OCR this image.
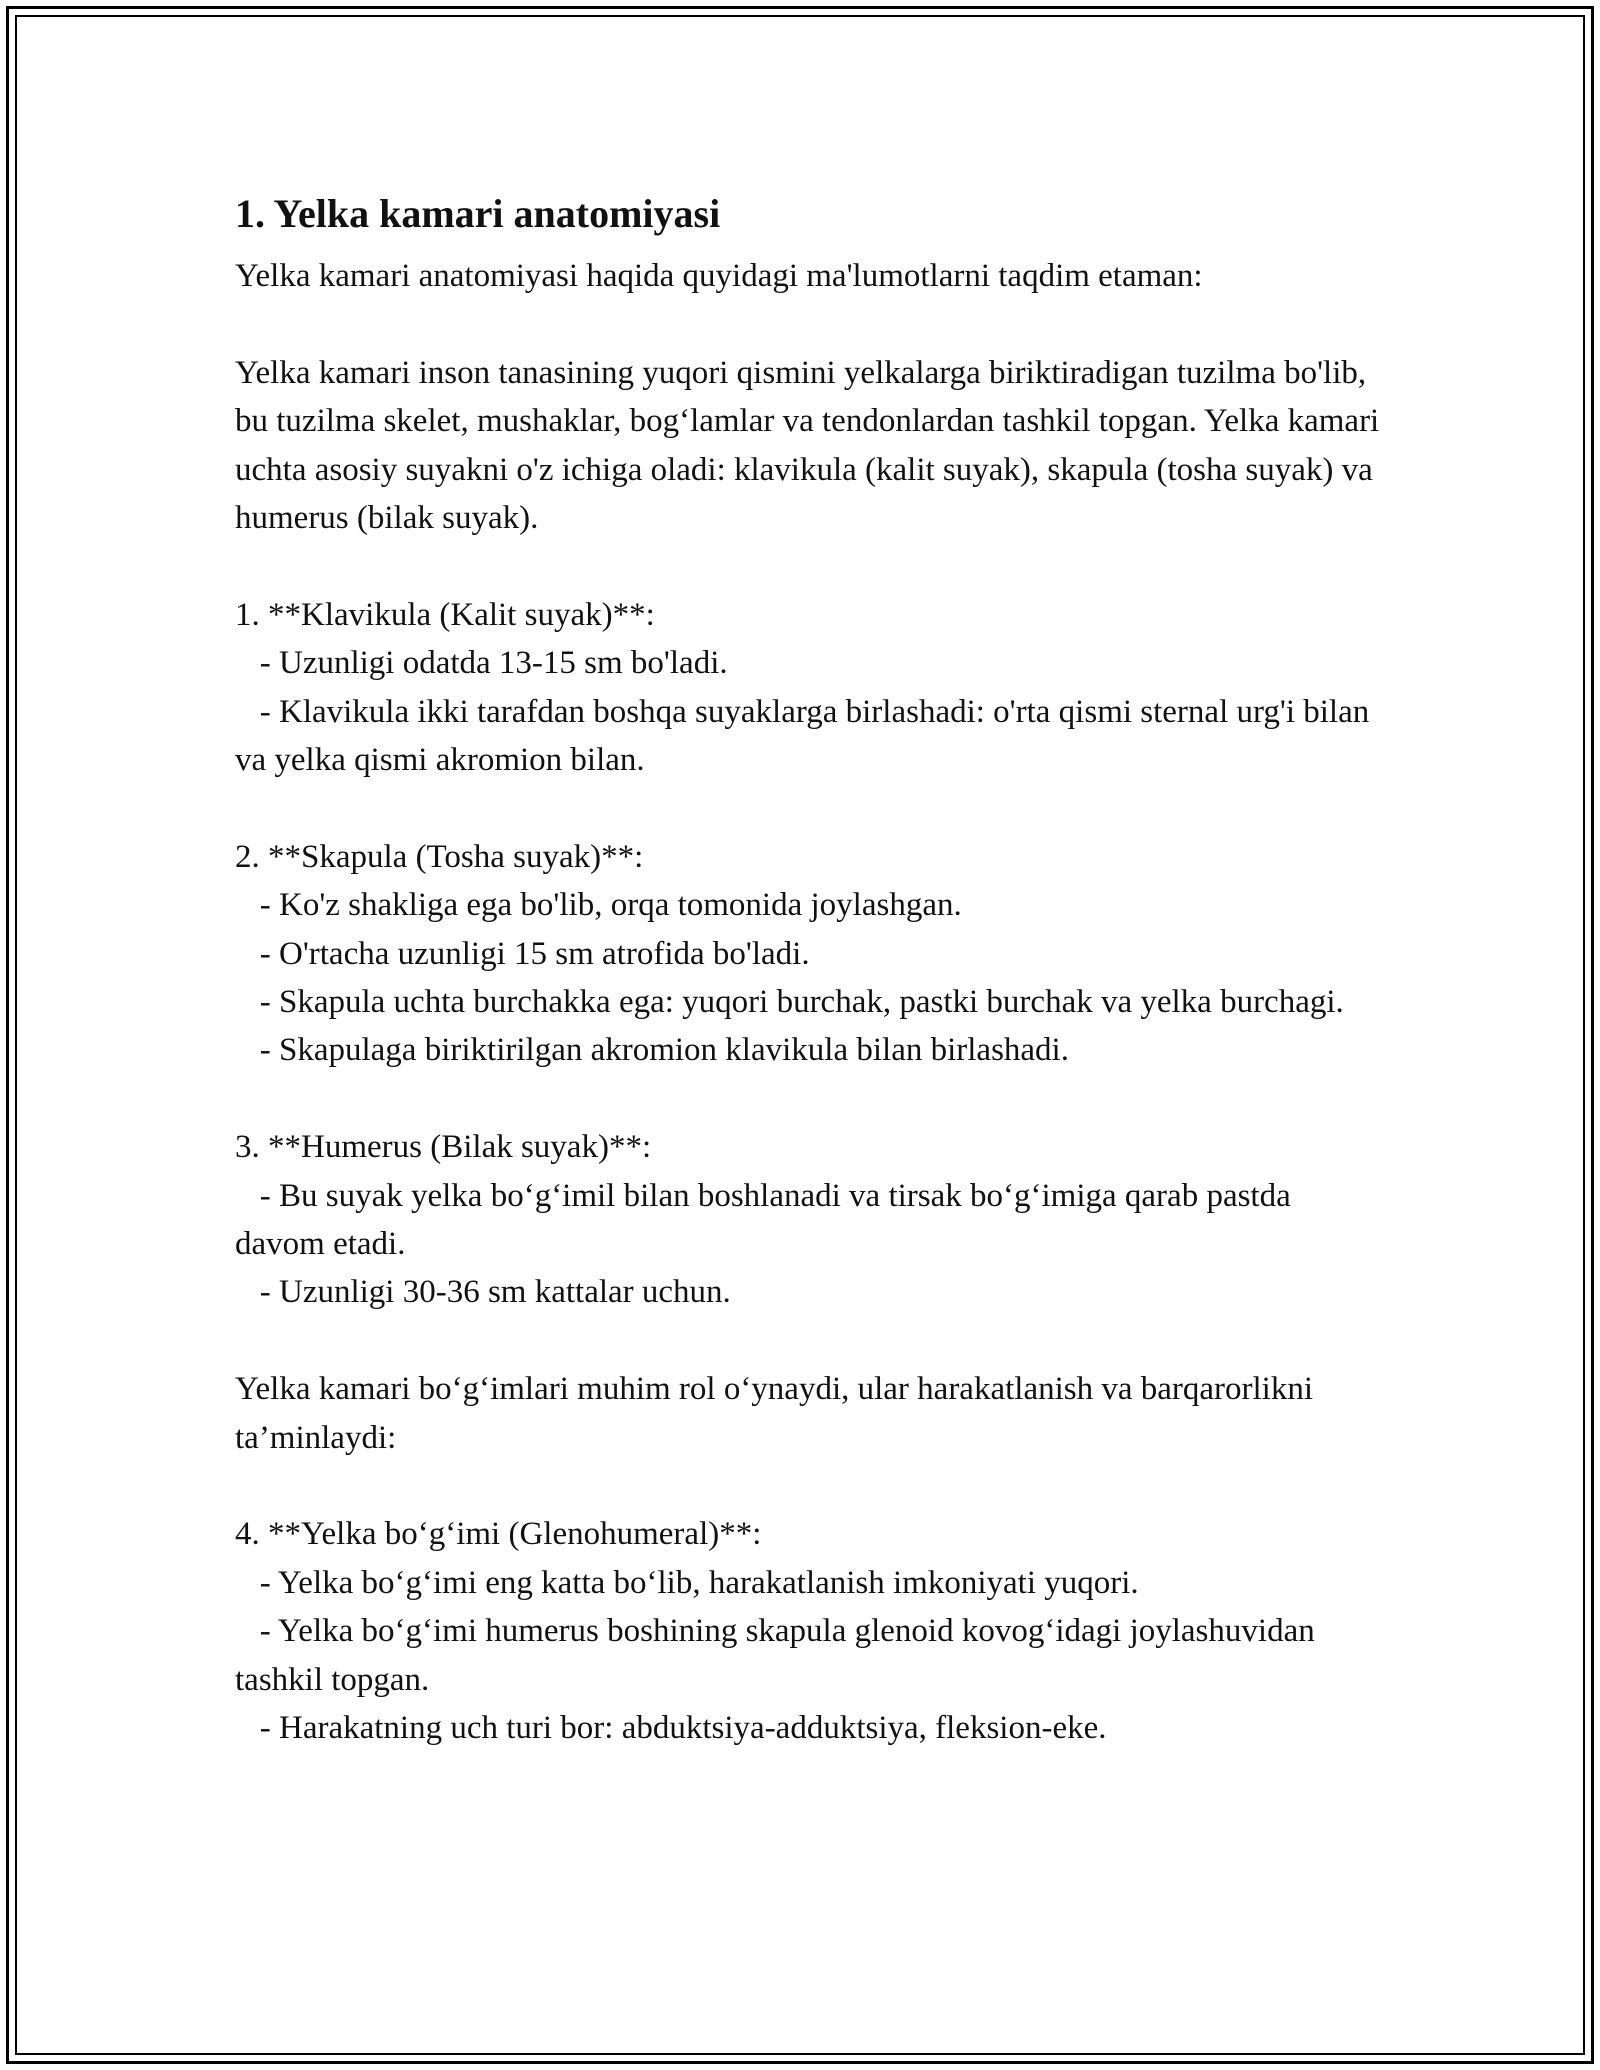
1. Yelka kamari anatomiyasi

Yelka kamari anatomiyasi haqida quyidagi ma'lumotlarni taqdim etaman:

Yelka kamari inson tanasining yuqori qismini yelkalarga biriktiradigan tuzilma bo'lib, bu tuzilma skelet, mushaklar, bog‘lamlar va tendonlardan tashkil topgan. Yelka kamari uchta asosiy suyakni o'z ichiga oladi: klavikula (kalit suyak), skapula (tosha suyak) va humerus (bilak suyak).

1. **Klavikula (Kalit suyak)**:

- Uzunligi odatda 13-15 sm bo'ladi.

- Klavikula ikki tarafdan boshqa suyaklarga birlashadi: o'rta qismi sternal urg'i bilan va yelka qismi akromion bilan.

2. **Skapula (Tosha suyak)**:

- Ko'z shakliga ega bo'lib, orqa tomonida joylashgan.

- O'rtacha uzunligi 15 sm atrofida bo'ladi.

- Skapula uchta burchakka ega: yuqori burchak, pastki burchak va yelka burchagi.

- Skapulaga biriktirilgan akromion klavikula bilan birlashadi.

3. **Humerus (Bilak suyak)**:

- Bu suyak yelka bo‘g‘imil bilan boshlanadi va tirsak bo‘g‘imiga qarab pastda davom etadi.

- Uzunligi 30-36 sm kattalar uchun.

Yelka kamari bo‘g‘imlari muhim rol o‘ynaydi, ular harakatlanish va barqarorlikni ta’minlaydi:

4. **Yelka bo‘g‘imi (Glenohumeral)**:

- Yelka bo‘g‘imi eng katta bo‘lib, harakatlanish imkoniyati yuqori.

- Yelka bo‘g‘imi humerus boshining skapula glenoid kovog‘idagi joylashuvidan tashkil topgan.

- Harakatning uch turi bor: abduktsiya-adduktsiya, fleksion-eke.
